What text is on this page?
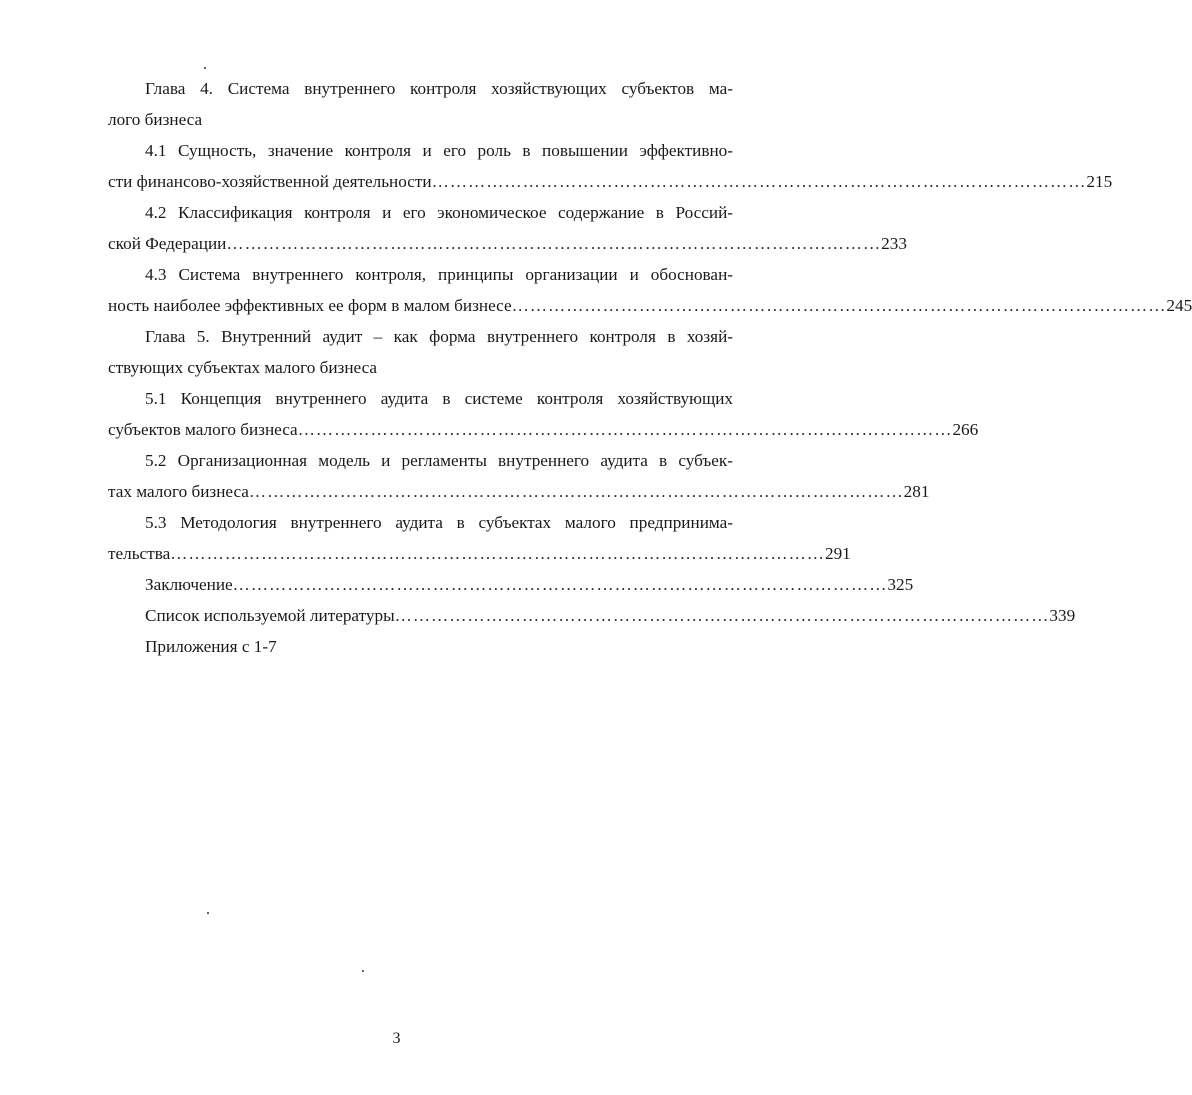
Глава 4. Система внутреннего контроля хозяйствующих субъектов ма-
лого бизнеса
4.1 Сущность, значение контроля и его роль в повышении эффективно-
сти финансово-хозяйственной деятельности ……………………………………………………………………………………………… 215
4.2 Классификация контроля и его экономическое содержание в Россий-
ской Федерации ……………………………………………………………………………………………… 233
4.3 Система внутреннего контроля, принципы организации и обоснован-
ность наиболее эффективных ее форм в малом бизнесе ……………………………………………………………………………………………… 245
Глава 5. Внутренний аудит – как форма внутреннего контроля в хозяй-
ствующих субъектах малого бизнеса
5.1 Концепция внутреннего аудита в системе контроля хозяйствующих
субъектов малого бизнеса ……………………………………………………………………………………………… 266
5.2 Организационная модель и регламенты внутреннего аудита в субъек-
тах малого бизнеса ……………………………………………………………………………………………… 281
5.3 Методология внутреннего аудита в субъектах малого предпринима-
тельства ……………………………………………………………………………………………… 291
Заключение ……………………………………………………………………………………………… 325
Список используемой литературы ……………………………………………………………………………………………… 339
Приложения с 1-7
3
